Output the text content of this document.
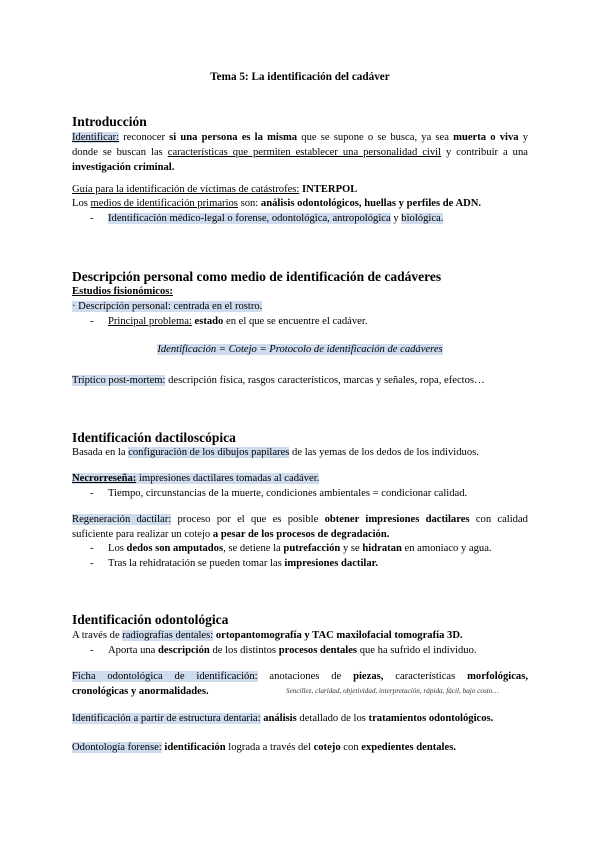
Tema 5: La identificación del cadáver
Introducción
Identificar: reconocer si una persona es la misma que se supone o se busca, ya sea muerta o viva y
donde se buscan las características que permiten establecer una personalidad civil y contribuir a una
investigación criminal.
Guía para la identificación de víctimas de catástrofes: INTERPOL
Los medios de identificación primarios son: análisis odontológicos, huellas y perfiles de ADN.
- Identificación médico-legal o forense, odontológica, antropológica y biológica.
Descripción personal como medio de identificación de cadáveres
Estudios fisionómicos:
· Descripción personal: centrada en el rostro.
- Principal problema: estado en el que se encuentre el cadáver.
Identificación = Cotejo = Protocolo de identificación de cadáveres
Tríptico post-mortem: descripción física, rasgos característicos, marcas y señales, ropa, efectos…
Identificación dactiloscópica
Basada en la configuración de los dibujos papilares de las yemas de los dedos de los individuos.
Necrorreseña: impresiones dactilares tomadas al cadáver.
- Tiempo, circunstancias de la muerte, condiciones ambientales = condicionar calidad.
Regeneración dactilar: proceso por el que es posible obtener impresiones dactilares con calidad
suficiente para realizar un cotejo a pesar de los procesos de degradación.
- Los dedos son amputados, se detiene la putrefacción y se hidratan en amoniaco y agua.
- Tras la rehidratación se pueden tomar las impresiones dactilar.
Identificación odontológica
A través de radiografías dentales: ortopantomografía y TAC maxilofacial tomografía 3D.
- Aporta una descripción de los distintos procesos dentales que ha sufrido el individuo.
Ficha odontológica de identificación: anotaciones de piezas, características morfológicas,
cronológicas y anormalidades.	Sencillez, claridad, objetividad, interpretación, rápida, fácil, bajo costo…
Identificación a partir de estructura dentaria: análisis detallado de los tratamientos odontológicos.
Odontología forense: identificación lograda a través del cotejo con expedientes dentales.
